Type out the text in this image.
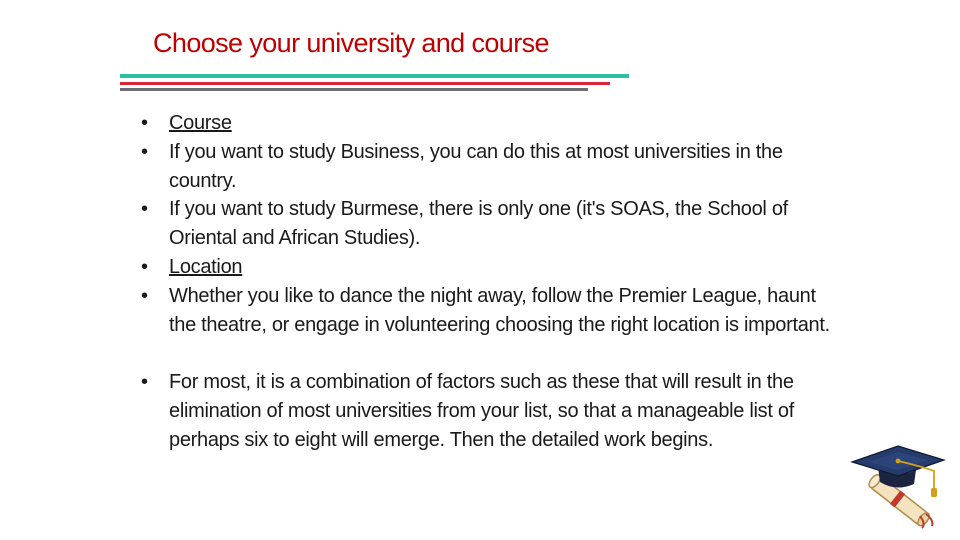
Choose your university and course
• Course
• If you want to study Business, you can do this at most universities in the country.
• If you want to study Burmese, there is only one (it's SOAS, the School of Oriental and African Studies).
• Location
• Whether you like to dance the night away, follow the Premier League, haunt the theatre, or engage in volunteering choosing the right location is important.
• For most, it is a combination of factors such as these that will result in the elimination of most universities from your list, so that a manageable list of perhaps six to eight will emerge. Then the detailed work begins.
